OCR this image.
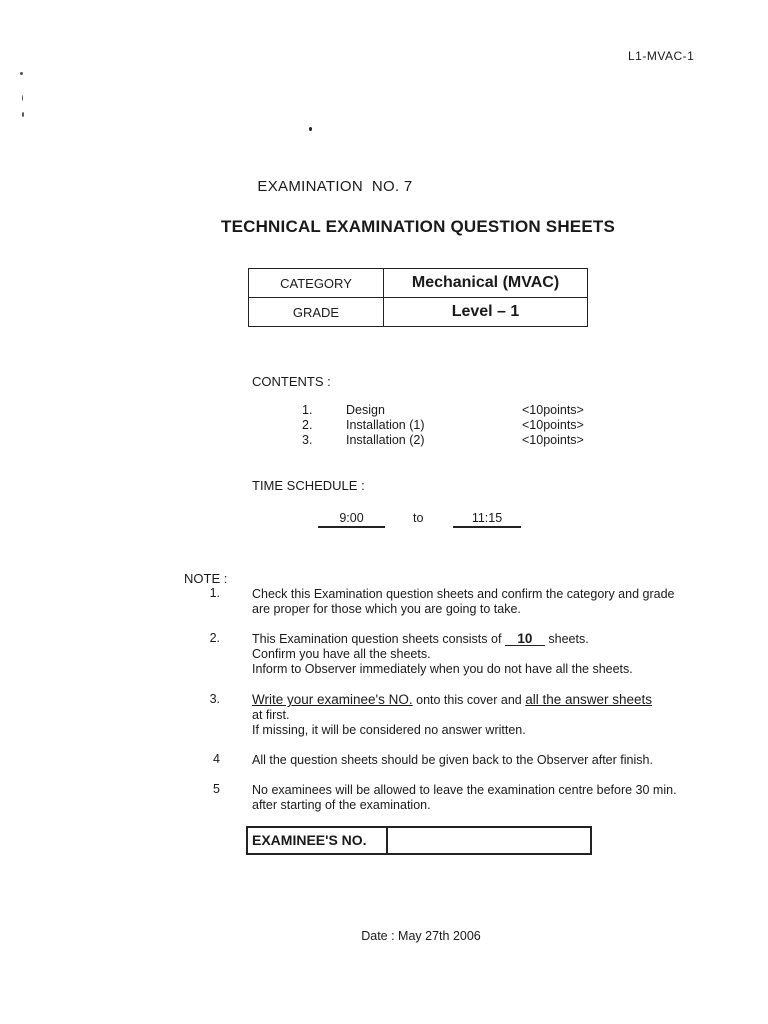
L1-MVAC-1
EXAMINATION  NO. 7
TECHNICAL EXAMINATION QUESTION SHEETS
CATEGORY	Mechanical (MVAC)
GRADE	Level – 1
CONTENTS :
1.	Design	<10points>
2.	Installation (1)	<10points>
3.	Installation (2)	<10points>
TIME SCHEDULE :
9:00	to	11:15
NOTE :
1.	Check this Examination question sheets and confirm the category and grade
are proper for those which you are going to take.
2.	This Examination question sheets consists of 10 sheets.
Confirm you have all the sheets.
Inform to Observer immediately when you do not have all the sheets.
3. Write your examinee's NO. onto this cover and all the answer sheets
at first.
If missing, it will be considered no answer written.
4	All the question sheets should be given back to the Observer after finish.
5	No examinees will be allowed to leave the examination centre before 30 min.
after starting of the examination.
EXAMINEE'S NO.
Date : May 27th 2006
